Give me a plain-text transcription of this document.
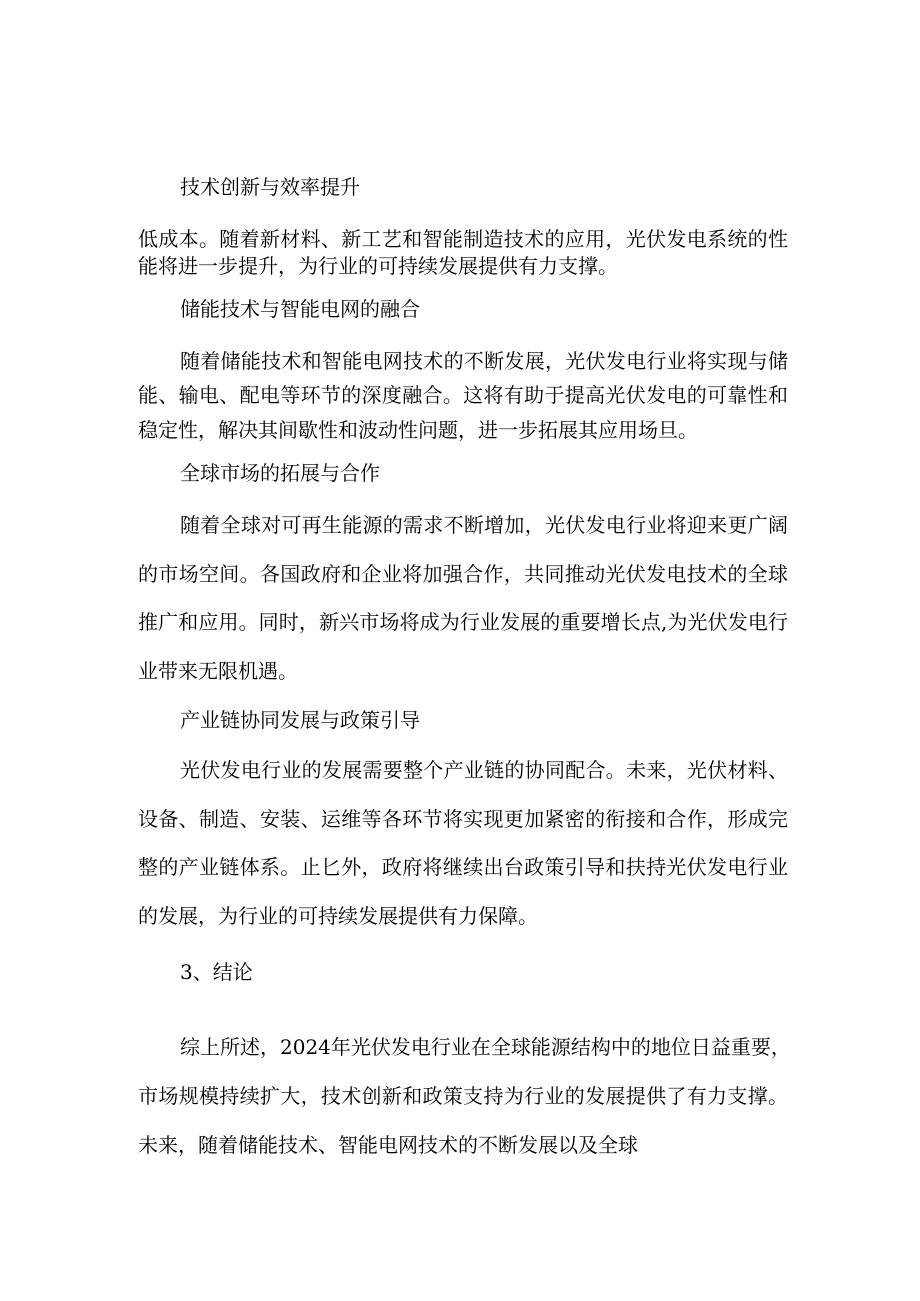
技术创新与效率提升
低成本。随着新材料、新工艺和智能制造技术的应用，光伏发电系统的性
能将进一步提升，为行业的可持续发展提供有力支撑。
储能技术与智能电网的融合
随着储能技术和智能电网技术的不断发展，光伏发电行业将实现与储
能、输电、配电等环节的深度融合。这将有助于提高光伏发电的可靠性和
稳定性，解决其间歇性和波动性问题，进一步拓展其应用场旦。
全球市场的拓展与合作
随着全球对可再生能源的需求不断增加，光伏发电行业将迎来更广阔
的市场空间。各国政府和企业将加强合作，共同推动光伏发电技术的全球
推广和应用。同时，新兴市场将成为行业发展的重要增长点,为光伏发电行
业带来无限机遇。
产业链协同发展与政策引导
光伏发电行业的发展需要整个产业链的协同配合。未来，光伏材料、
设备、制造、安装、运维等各环节将实现更加紧密的衔接和合作，形成完
整的产业链体系。止匕外，政府将继续出台政策引导和扶持光伏发电行业
的发展，为行业的可持续发展提供有力保障。
3、结论
综上所述，2024年光伏发电行业在全球能源结构中的地位日益重要，
市场规模持续扩大，技术创新和政策支持为行业的发展提供了有力支撑。
未来，随着储能技术、智能电网技术的不断发展以及全球
